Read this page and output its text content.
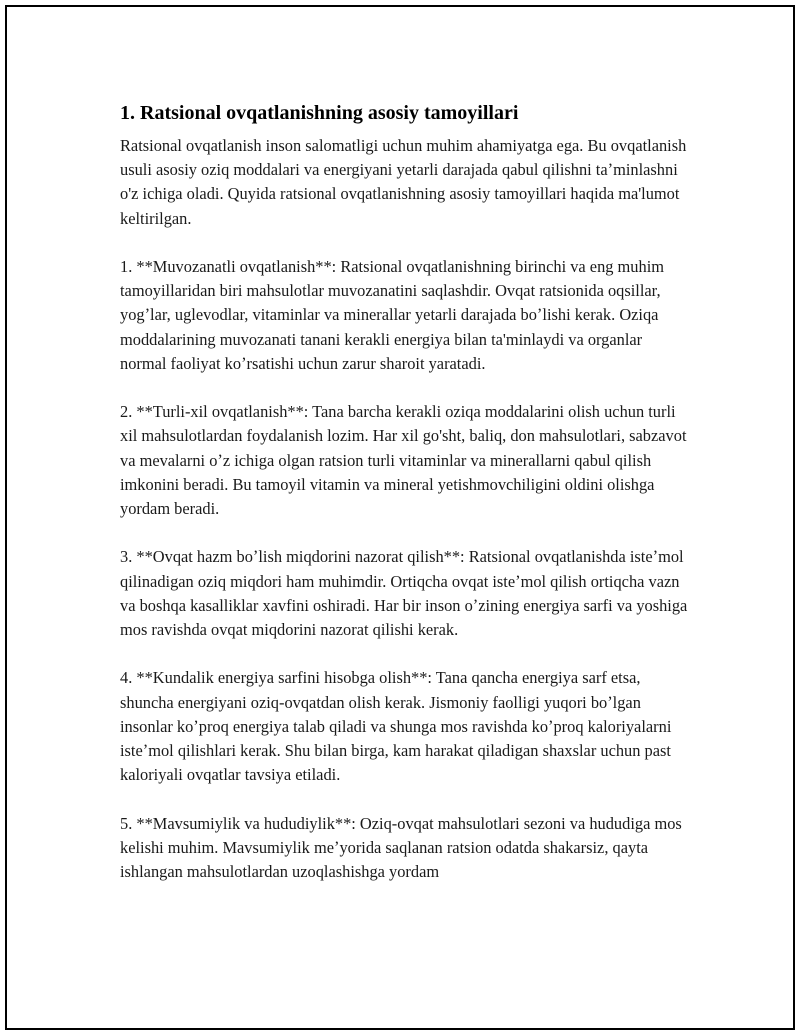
1. Ratsional ovqatlanishning asosiy tamoyillari

Ratsional ovqatlanish inson salomatligi uchun muhim ahamiyatga ega. Bu ovqatlanish usuli asosiy oziq moddalari va energiyani yetarli darajada qabul qilishni taʼminlashni o'z ichiga oladi. Quyida ratsional ovqatlanishning asosiy tamoyillari haqida ma'lumot keltirilgan.

1. **Muvozanatli ovqatlanish**: Ratsional ovqatlanishning birinchi va eng muhim tamoyillaridan biri mahsulotlar muvozanatini saqlashdir. Ovqat ratsionida oqsillar, yogʼlar, uglevodlar, vitaminlar va minerallar yetarli darajada boʼlishi kerak. Oziqa moddalarining muvozanati tanani kerakli energiya bilan ta'minlaydi va organlar normal faoliyat koʼrsatishi uchun zarur sharoit yaratadi.

2. **Turli-xil ovqatlanish**: Tana barcha kerakli oziqa moddalarini olish uchun turli xil mahsulotlardan foydalanish lozim. Har xil go'sht, baliq, don mahsulotlari, sabzavot va mevalarni oʼz ichiga olgan ratsion turli vitaminlar va minerallarni qabul qilish imkonini beradi. Bu tamoyil vitamin va mineral yetishmovchiligini oldini olishga yordam beradi.

3. **Ovqat hazm boʼlish miqdorini nazorat qilish**: Ratsional ovqatlanishda isteʼmol qilinadigan oziq miqdori ham muhimdir. Ortiqcha ovqat isteʼmol qilish ortiqcha vazn va boshqa kasalliklar xavfini oshiradi. Har bir inson oʼzining energiya sarfi va yoshiga mos ravishda ovqat miqdorini nazorat qilishi kerak.

4. **Kundalik energiya sarfini hisobga olish**: Tana qancha energiya sarf etsa, shuncha energiyani oziq-ovqatdan olish kerak. Jismoniy faolligi yuqori boʼlgan insonlar koʼproq energiya talab qiladi va shunga mos ravishda koʼproq kaloriyalarni isteʼmol qilishlari kerak. Shu bilan birga, kam harakat qiladigan shaxslar uchun past kaloriyali ovqatlar tavsiya etiladi.

5. **Mavsumiylik va hududiylik**: Oziq-ovqat mahsulotlari sezoni va hududiga mos kelishi muhim. Mavsumiylik meʼyorida saqlanan ratsion odatda shakarsiz, qayta ishlangan mahsulotlardan uzoqlashishga yordam
